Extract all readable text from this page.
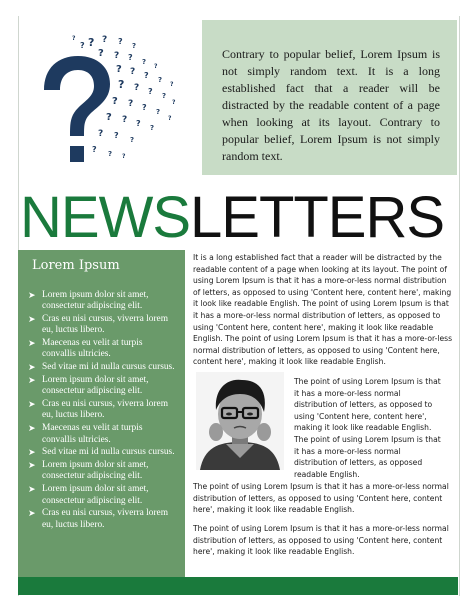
? ? ? ?
? ? ? ?
?
? ? ? ?
?
? ? ? ?
?
? ? ? ?
?
? ? ? ?
? ? ?
? ? ?
?
?
Contrary to popular belief, Lorem Ipsum is not simply random text. It is a long established fact that a reader will be distracted by the readable content of a page when looking at its layout. Contrary to popular belief, Lorem Ipsum is not simply random text.
NEWSLETTERS
Lorem Ipsum
➤ Lorem ipsum dolor sit amet, consectetur adipiscing elit.
➤ Cras eu nisi cursus, viverra lorem eu, luctus libero.
➤ Maecenas eu velit at turpis convallis ultricies.
➤ Sed vitae mi id nulla cursus cursus.
➤ Lorem ipsum dolor sit amet, consectetur adipiscing elit.
➤ Cras eu nisi cursus, viverra lorem eu, luctus libero.
➤ Maecenas eu velit at turpis convallis ultricies.
➤ Sed vitae mi id nulla cursus cursus.
➤ Lorem ipsum dolor sit amet, consectetur adipiscing elit.
➤ Lorem ipsum dolor sit amet, consectetur adipiscing elit.
➤ Cras eu nisi cursus, viverra lorem eu, luctus libero.
It is a long established fact that a reader will be distracted by the readable content of a page when looking at its layout. The point of using Lorem Ipsum is that it has a more-or-less normal distribution of letters, as opposed to using 'Content here, content here', making it look like readable English. The point of using Lorem Ipsum is that it has a more-or-less normal distribution of letters, as opposed to using 'Content here, content here', making it look like readable English. The point of using Lorem Ipsum is that it has a more-or-less normal distribution of letters, as opposed to using 'Content here, content here', making it look like readable English.
The point of using Lorem Ipsum is that it has a more-or-less normal distribution of letters, as opposed to using 'Content here, content here', making it look like readable English. The point of using Lorem Ipsum is that it has a more-or-less normal distribution of letters, as opposed readable English.
The point of using Lorem Ipsum is that it has a more-or-less normal distribution of letters, as opposed to using 'Content here, content here', making it look like readable English.
The point of using Lorem Ipsum is that it has a more-or-less normal distribution of letters, as opposed to using 'Content here, content here', making it look like readable English.
